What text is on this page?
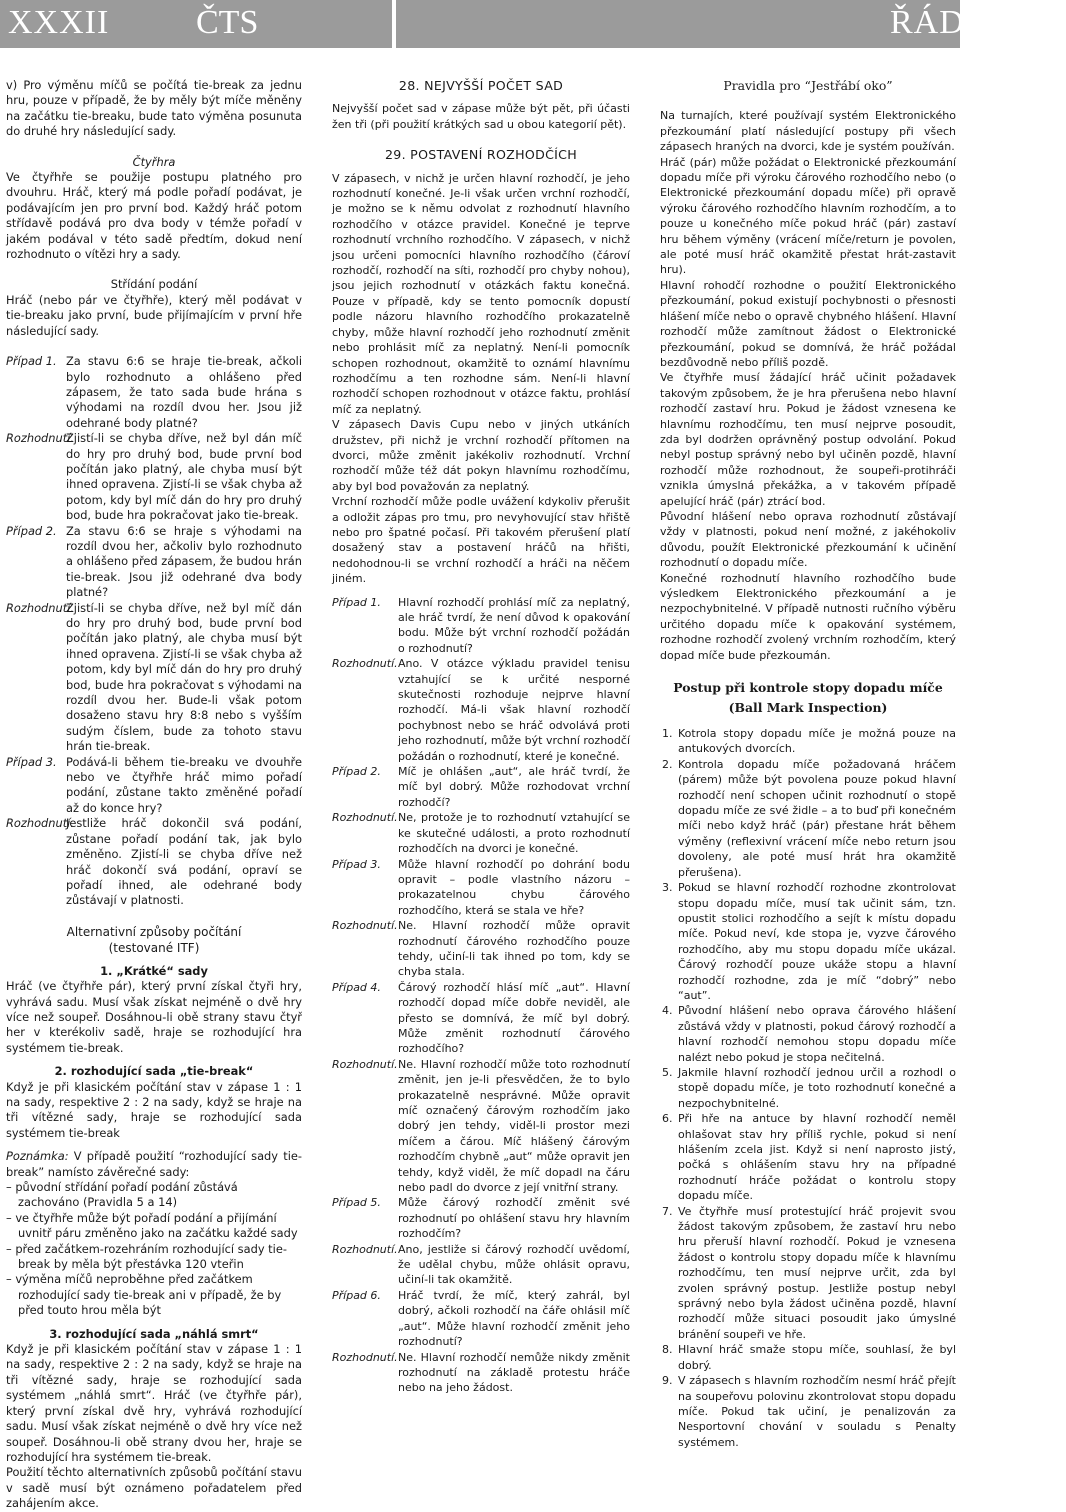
XXXII	ČTS	ŘÁDY A PRAVIDLA

v) Pro výměnu míčů se počítá tie-break za jednu hru, pouze v případě, že by měly být míče měněny na začátku tie-breaku, bude tato výměna posunuta do druhé hry následující sady.

Čtyřhra

Ve čtyřhře se použije postupu platného pro dvouhru. Hráč, který má podle pořadí podávat, je podávajícím jen pro první bod. Každý hráč potom střídavě podává pro dva body v témže pořadí v jakém podával v této sadě předtím, dokud není rozhodnuto o vítězi hry a sady.

Střídání podání

Hráč (nebo pár ve čtyřhře), který měl podávat v tie-breaku jako první, bude přijímajícím v první hře následující sady.

Případ 1. Za stavu 6:6 se hraje tie-break, ačkoli bylo rozhodnuto a ohlášeno před zápasem, že tato sada bude hrána s výhodami na rozdíl dvou her. Jsou již odehrané body platné?
Rozhodnutí.
Zjistí-li se chyba dříve, než byl dán míč do hry pro druhý bod, bude první bod počítán jako platný, ale chyba musí být ihned opravena. Zjistí-li se však chyba až potom, kdy byl míč dán do hry pro druhý bod, bude hra pokračovat jako tie-break.
Případ 2. Za stavu 6:6 se hraje s výhodami na rozdíl dvou her, ačkoliv bylo rozhodnuto a ohlášeno před zápasem, že budou hrán tie-break. Jsou již odehrané dva body platné?
Rozhodnutí.
Zjistí-li se chyba dříve, než byl míč dán do hry pro druhý bod, bude první bod počítán jako platný, ale chyba musí být ihned opravena. Zjistí-li se však chyba až potom, kdy byl míč dán do hry pro druhý bod, bude hra pokračovat s výhodami na rozdíl dvou her. Bude-li však potom dosaženo stavu hry 8:8 nebo s vyšším sudým číslem, bude za tohoto stavu hrán tie-break.
Případ 3. Podává-li během tie-breaku ve dvouhře nebo ve čtyřhře hráč mimo pořadí podání, zůstane takto změněné pořadí až do konce hry?
Rozhodnutí.
Jestliže hráč dokončil svá podání, zůstane pořadí podání tak, jak bylo změněno. Zjistí-li se chyba dříve než hráč dokončí svá podání, opraví se pořadí ihned, ale odehrané body zůstávají v platnosti.

Alternativní způsoby počítání

(testované ITF)

1. „Krátké“ sady

Hráč (ve čtyřhře pár), který první získal čtyři hry, vyhrává sadu. Musí však získat nejméně o dvě hry více než soupeř. Dosáhnou-li obě strany stavu čtyř her v kterékoliv sadě, hraje se rozhodující hra systémem tie-break.

2. rozhodující sada „tie-break“

Když je při klasickém počítání stav v zápase 1 : 1 na sady, respektive 2 : 2 na sady, když se hraje na tři vítězné sady, hraje se rozhodující sada systémem tie-break

Poznámka: V případě použití “rozhodující sady tie-break” namísto závěrečné sady:

– původní střídání pořadí podání zůstává zachováno (Pravidla 5 a 14)
– ve čtyřhře může být pořadí podání a přijímání uvnitř páru změněno jako na začátku každé sady
– před začátkem-rozehráním rozhodující sady tie-break by měla být přestávka 120 vteřin
– výměna míčů neproběhne před začátkem rozhodující sady tie-break ani v případě, že by před touto hrou měla být

3. rozhodující sada „náhlá smrt“

Když je při klasickém počítání stav v zápase 1 : 1 na sady, respektive 2 : 2 na sady, když se hraje na tři vítězné sady, hraje se rozhodující sada systémem „náhlá smrt“. Hráč (ve čtyřhře pár), který první získal dvě hry, vyhrává rozhodující sadu. Musí však získat nejméně o dvě hry více než soupeř. Dosáhnou-li obě strany dvou her, hraje se rozhodující hra systémem tie-break.

Použití těchto alternativních způsobů počítání stavu v sadě musí být oznámeno pořadatelem před zahájením akce.

28. NEJVYŠŠÍ POČET SAD

Nejvyšší počet sad v zápase může být pět, při účasti žen tři (při použití krátkých sad u obou kategorií pět).

29. POSTAVENÍ ROZHODČÍCH

V zápasech, v nichž je určen hlavní rozhodčí, je jeho rozhodnutí konečné. Je-li však určen vrchní rozhodčí, je možno se k němu odvolat z rozhodnutí hlavního rozhodčího v otázce pravidel. Konečné je teprve rozhodnutí vrchního rozhodčího. V zápasech, v nichž jsou určeni pomocníci hlavního rozhodčího (čároví rozhodčí, rozhodčí na síti, rozhodčí pro chyby nohou), jsou jejich rozhodnutí v otázkách faktu konečná. Pouze v případě, kdy se tento pomocník dopustí podle názoru hlavního rozhodčího prokazatelně chyby, může hlavní rozhodčí jeho rozhodnutí změnit nebo prohlásit míč za neplatný. Není-li pomocník schopen rozhodnout, okamžitě to oznámí hlavnímu rozhodčímu a ten rozhodne sám. Není-li hlavní rozhodčí schopen rozhodnout v otázce faktu, prohlásí míč za neplatný.

V zápasech Davis Cupu nebo v jiných utkáních družstev, při nichž je vrchní rozhodčí přítomen na dvorci, může změnit jakékoliv rozhodnutí. Vrchní rozhodčí může též dát pokyn hlavnímu rozhodčímu, aby byl bod považován za neplatný.

Vrchní rozhodčí může podle uvážení kdykoliv přerušit a odložit zápas pro tmu, pro nevyhovující stav hřiště nebo pro špatné počasí. Při takovém přerušení platí dosažený stav a postavení hráčů na hřišti, nedohodnou-li se vrchní rozhodčí a hráči na něčem jiném.

Případ 1.	Hlavní rozhodčí prohlásí míč za neplatný, ale hráč tvrdí, že není důvod k opakování bodu. Může být vrchní rozhodčí požádán o rozhodnutí?
Rozhodnutí. Ano. V otázce výkladu pravidel tenisu vztahující se k určité nesporné skutečnosti rozhoduje nejprve hlavní rozhodčí. Má-li však hlavní rozhodčí pochybnost nebo se hráč odvolává proti jeho rozhodnutí, může být vrchní rozhodčí požádán o rozhodnutí, které je konečné.
Případ 2.	Míč je ohlášen „aut“, ale hráč tvrdí, že míč byl dobrý. Může rozhodovat vrchní rozhodčí?
Rozhodnutí. Ne, protože je to rozhodnutí vztahující se ke skutečné události, a proto rozhodnutí rozhodčích na dvorci je konečné.
Případ 3.	Může hlavní rozhodčí po dohrání bodu opravit – podle vlastního názoru – prokazatelnou chybu čárového rozhodčího, která se stala ve hře?
Rozhodnutí. Ne. Hlavní rozhodčí může opravit rozhodnutí čárového rozhodčího pouze tehdy, učiní-li tak ihned po tom, kdy se chyba stala.
Případ 4.	Čárový rozhodčí hlásí míč „aut“. Hlavní rozhodčí dopad míče dobře neviděl, ale přesto se domnívá, že míč byl dobrý. Může změnit rozhodnutí čárového rozhodčího?
Rozhodnutí. Ne. Hlavní rozhodčí může toto rozhodnutí změnit, jen je-li přesvědčen, že to bylo prokazatelně nesprávné. Může opravit míč označený čárovým rozhodčím jako dobrý jen tehdy, viděl-li prostor mezi míčem a čárou. Míč hlášený čárovým rozhodčím chybně „aut“ může opravit jen tehdy, když viděl, že míč dopadl na čáru nebo padl do dvorce z její vnitřní strany.
Případ 5.	Může čárový rozhodčí změnit své rozhodnutí po ohlášení stavu hry hlavním rozhodčím?
Rozhodnutí. Ano, jestliže si čárový rozhodčí uvědomí, že udělal chybu, může ohlásit opravu, učiní-li tak okamžitě.
Případ 6.	Hráč tvrdí, že míč, který zahrál, byl dobrý, ačkoli rozhodčí na čáře ohlásil míč „aut“. Může hlavní rozhodčí změnit jeho rozhodnutí?
Rozhodnutí. Ne. Hlavní rozhodčí nemůže nikdy změnit rozhodnutí na základě protestu hráče nebo na jeho žádost.

Pravidla pro “Jestřábí oko”

Na turnajích, které používají systém Elektronického přezkoumání platí následující postupy při všech zápasech hraných na dvorci, kde je systém používán.

Hráč (pár) může požádat o Elektronické přezkoumání dopadu míče při výroku čárového rozhodčího nebo (o Elektronické přezkoumání dopadu míče) při opravě výroku čárového rozhodčího hlavním rozhodčím, a to pouze u konečného míče pokud hráč (pár) zastaví hru během výměny (vrácení míče/return je povolen, ale poté musí hráč okamžitě přestat hrát-zastavit hru).

Hlavní rohodčí rozhodne o použití Elektronického přezkoumání, pokud existují pochybnosti o přesnosti hlášení míče nebo o opravě chybného hlášení. Hlavní rozhodčí může zamítnout žádost o Elektronické přezkoumání, pokud se domnívá, že hráč požádal bezdůvodně nebo příliš pozdě.

Ve čtyřhře musí žádající hráč učinit požadavek takovým způsobem, že je hra přerušena nebo hlavní rozhodčí zastaví hru. Pokud je žádost vznesena ke hlavnímu rozhodčímu, ten musí nejprve posoudit, zda byl dodržen oprávněný postup odvolání. Pokud nebyl postup správný nebo byl učiněn pozdě, hlavní rozhodčí může rozhodnout, že soupeři-protihráči vznikla úmyslná překážka, a v takovém případě apelující hráč (pár) ztrácí bod.

Původní hlášení nebo oprava rozhodnutí zůstávají vždy v platnosti, pokud není možné, z jakéhokoliv důvodu, použít Elektronické přezkoumání k učinění rozhodnutí o dopadu míče.

Konečné rozhodnutí hlavního rozhodčího bude výsledkem Elektronického přezkoumání a je nezpochybnitelné. V případě nutnosti ručního výběru určitého dopadu míče k opakování systémem, rozhodne rozhodčí zvolený vrchním rozhodčím, který dopad míče bude přezkoumán.

Postup při kontrole stopy dopadu míče

(Ball Mark Inspection)

1. Kotrola stopy dopadu míče je možná pouze na antukových dvorcích.
2. Kontrola dopadu míče požadovaná hráčem (párem) může být povolena pouze pokud hlavní rozhodčí není schopen učinit rozhodnutí o stopě dopadu míče ze své židle – a to buď při konečném míči nebo když hráč (pár) přestane hrát během výměny (reflexivní vrácení míče nebo return jsou dovoleny, ale poté musí hrát hra okamžitě přerušena).
3. Pokud se hlavní rozhodčí rozhodne zkontrolovat stopu dopadu míče, musí tak učinit sám, tzn. opustit stolici rozhodčího a sejít k místu dopadu míče. Pokud neví, kde stopa je, vyzve čárového rozhodčího, aby mu stopu dopadu míče ukázal. Čárový rozhodčí pouze ukáže stopu a hlavní rozhodčí rozhodne, zda je míč “dobrý” nebo “aut”.
4. Původní hlášení nebo oprava čárového hlášení zůstává vždy v platnosti, pokud čárový rozhodčí a hlavní rozhodčí nemohou stopu dopadu míče nalézt nebo pokud je stopa nečitelná.
5. Jakmile hlavní rozhodčí jednou určil a rozhodl o stopě dopadu míče, je toto rozhodnutí konečné a nezpochybnitelné.
6. Při hře na antuce by hlavní rozhodčí neměl ohlašovat stav hry příliš rychle, pokud si není hlášením zcela jist. Když si není naprosto jistý, počká s ohlášením stavu hry na případné rozhodnutí hráče požádat o kontrolu stopy dopadu míče.
7. Ve čtyřhře musí protestující hráč projevit svou žádost takovým způsobem, že zastaví hru nebo hru přeruší hlavní rozhodčí. Pokud je vznesena žádost o kontrolu stopy dopadu míče k hlavnímu rozhodčímu, ten musí nejprve určit, zda byl zvolen správný postup. Jestliže postup nebyl správný nebo byla žádost učiněna pozdě, hlavní rozhodčí může situaci posoudit jako úmyslné bránění soupeři ve hře.
8. Hlavní hráč smaže stopu míče, souhlasí, že byl dobrý.
9. V zápasech s hlavním rozhodčím nesmí hráč přejít na soupeřovu polovinu zkontrolovat stopu dopadu míče. Pokud tak učiní, je penalizován za Nesportovní chování v souladu s Penalty systémem.
